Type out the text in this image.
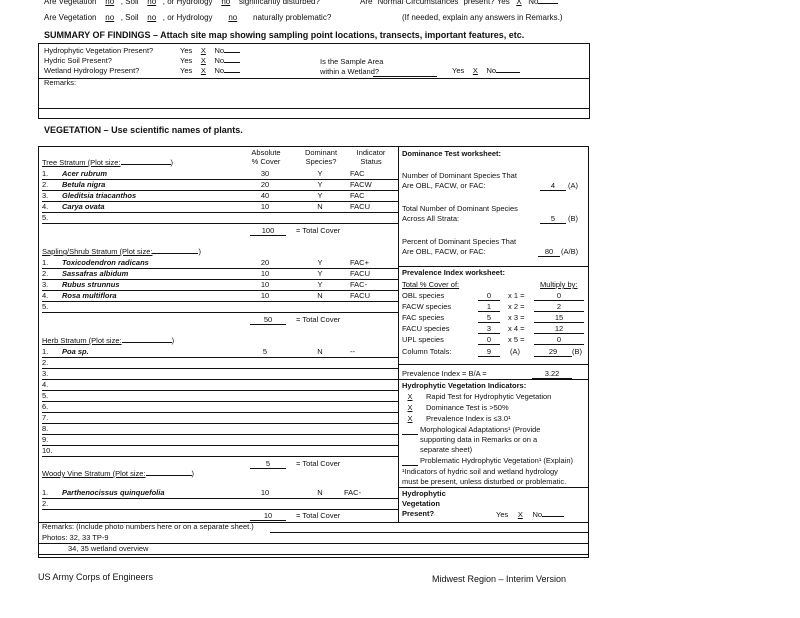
Are Vegetation no , Soil no , or Hydrology no significantly disturbed?	Are "Normal Circumstances" present? Yes X No
Are Vegetation no , Soil no , or Hydrology no naturally problematic?	(If needed, explain any answers in Remarks.)
SUMMARY OF FINDINGS – Attach site map showing sampling point locations, transects, important features, etc.
Hydrophytic Vegetation Present?	Yes X No
Hydric Soil Present?	Yes X No
Wetland Hydrology Present?	Yes X No
Is the Sample Area
within a Wetland?	Yes X No
Remarks:
VEGETATION – Use scientific names of plants.
Absolute
% Cover
Dominant
Species?
Indicator
Status
Tree Stratum (Plot size:	)
1. Acer rubrum	30	Y	FAC
2. Betula nigra	20	Y	FACW
3. Gleditsia triacanthos	40	Y	FAC
4. Carya ovata	10	N	FACU
5.
100	= Total Cover
Sapling/Shrub Stratum (Plot size:	)
1. Toxicodendron radicans	20	Y	FAC+
2. Sassafras albidum	10	Y	FACU
3. Rubus strunnus	10	Y	FAC-
4. Rosa multiflora	10	N	FACU
5.
50	= Total Cover
Herb Stratum (Plot size:	)
1. Poa sp.	5	N	--
2.
3.
4.
5.
6.
7.
8.
9.
10.
5	= Total Cover
Woody Vine Stratum (Plot size:	)
1. Parthenocissus quinquefolia	10	N	FAC-
2.
10	= Total Cover
Remarks: (Include photo numbers here or on a separate sheet.)
Photos: 32, 33 TP-9
34, 35 wetland overview
Dominance Test worksheet:
Number of Dominant Species That
Are OBL, FACW, or FAC:	4	(A)
Total Number of Dominant Species
Across All Strata:	5	(B)
Percent of Dominant Species That
Are OBL, FACW, or FAC:	80	(A/B)
Prevalence Index worksheet:
Total % Cover of:	Multiply by:
OBL species	0	x 1 =	0
FACW species	1	x 2 =	2
FAC species	5	x 3 =	15
FACU species	3	x 4 =	12
UPL species	0	x 5 =	0
Column Totals:	9	(A)	29	(B)
Prevalence Index = B/A =	3.22
Hydrophytic Vegetation Indicators:
X	Rapid Test for Hydrophytic Vegetation
X	Dominance Test is >50%
X	Prevalence Index is ≤3.0¹
Morphological Adaptations¹ (Provide
supporting data in Remarks or on a
separate sheet)
Problematic Hydrophytic Vegetation¹ (Explain)
¹Indicators of hydric soil and wetland hydrology
must be present, unless disturbed or problematic.
Hydrophytic
Vegetation
Present?	Yes X No
US Army Corps of Engineers	Midwest Region – Interim Version
